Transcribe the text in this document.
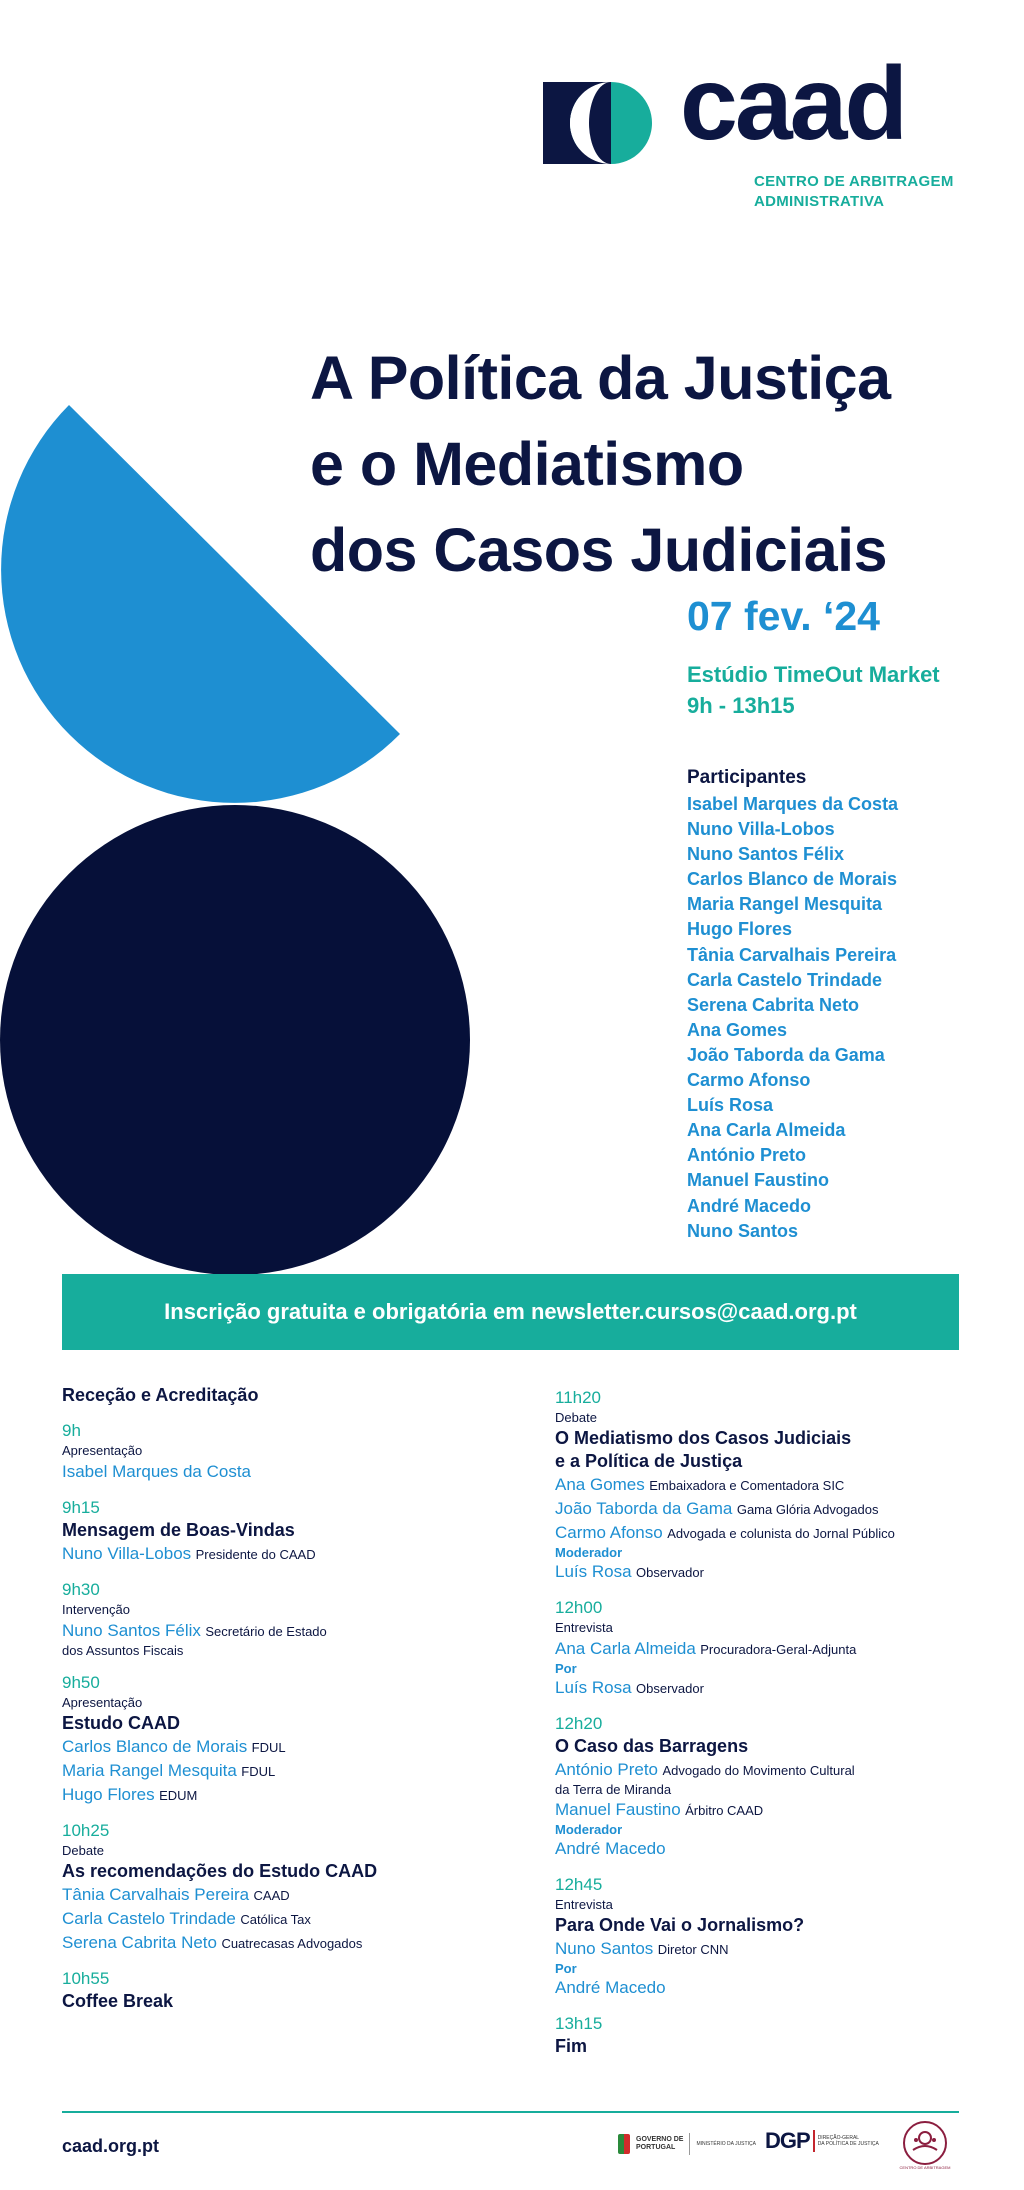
caad
CENTRO DE ARBITRAGEM
ADMINISTRATIVA
A Política da Justiça
e o Mediatismo
dos Casos Judiciais
07 fev. ‘24
Estúdio TimeOut Market
9h - 13h15
Participantes
Isabel Marques da Costa
Nuno Villa-Lobos
Nuno Santos Félix
Carlos Blanco de Morais
Maria Rangel Mesquita
Hugo Flores
Tânia Carvalhais Pereira
Carla Castelo Trindade
Serena Cabrita Neto
Ana Gomes
João Taborda da Gama
Carmo Afonso
Luís Rosa
Ana Carla Almeida
António Preto
Manuel Faustino
André Macedo
Nuno Santos
Inscrição gratuita e obrigatória em newsletter.cursos@caad.org.pt
Receção e Acreditação
9h
Apresentação
Isabel Marques da Costa
9h15
Mensagem de Boas-Vindas
Nuno Villa-Lobos Presidente do CAAD
9h30
Intervenção
Nuno Santos Félix Secretário de Estado
dos Assuntos Fiscais
9h50
Apresentação
Estudo CAAD
Carlos Blanco de Morais FDUL
Maria Rangel Mesquita FDUL
Hugo Flores EDUM
10h25
Debate
As recomendações do Estudo CAAD
Tânia Carvalhais Pereira CAAD
Carla Castelo Trindade Católica Tax
Serena Cabrita Neto Cuatrecasas Advogados
10h55
Coffee Break
11h20
Debate
O Mediatismo dos Casos Judiciais
e a Política de Justiça
Ana Gomes Embaixadora e Comentadora SIC
João Taborda da Gama Gama Glória Advogados
Carmo Afonso Advogada e colunista do Jornal Público
Moderador
Luís Rosa Observador
12h00
Entrevista
Ana Carla Almeida Procuradora-Geral-Adjunta
Por
Luís Rosa Observador
12h20
O Caso das Barragens
António Preto Advogado do Movimento Cultural
da Terra de Miranda
Manuel Faustino Árbitro CAAD
Moderador
André Macedo
12h45
Entrevista
Para Onde Vai o Jornalismo?
Nuno Santos Diretor CNN
Por
André Macedo
13h15
Fim
caad.org.pt	GOVERNO DE
PORTUGAL	MINISTÉRIO DA JUSTIÇA DGP DIREÇÃO-GERAL
DA POLÍTICA DE JUSTIÇA
CENTRO DE ARBITRAGEM
